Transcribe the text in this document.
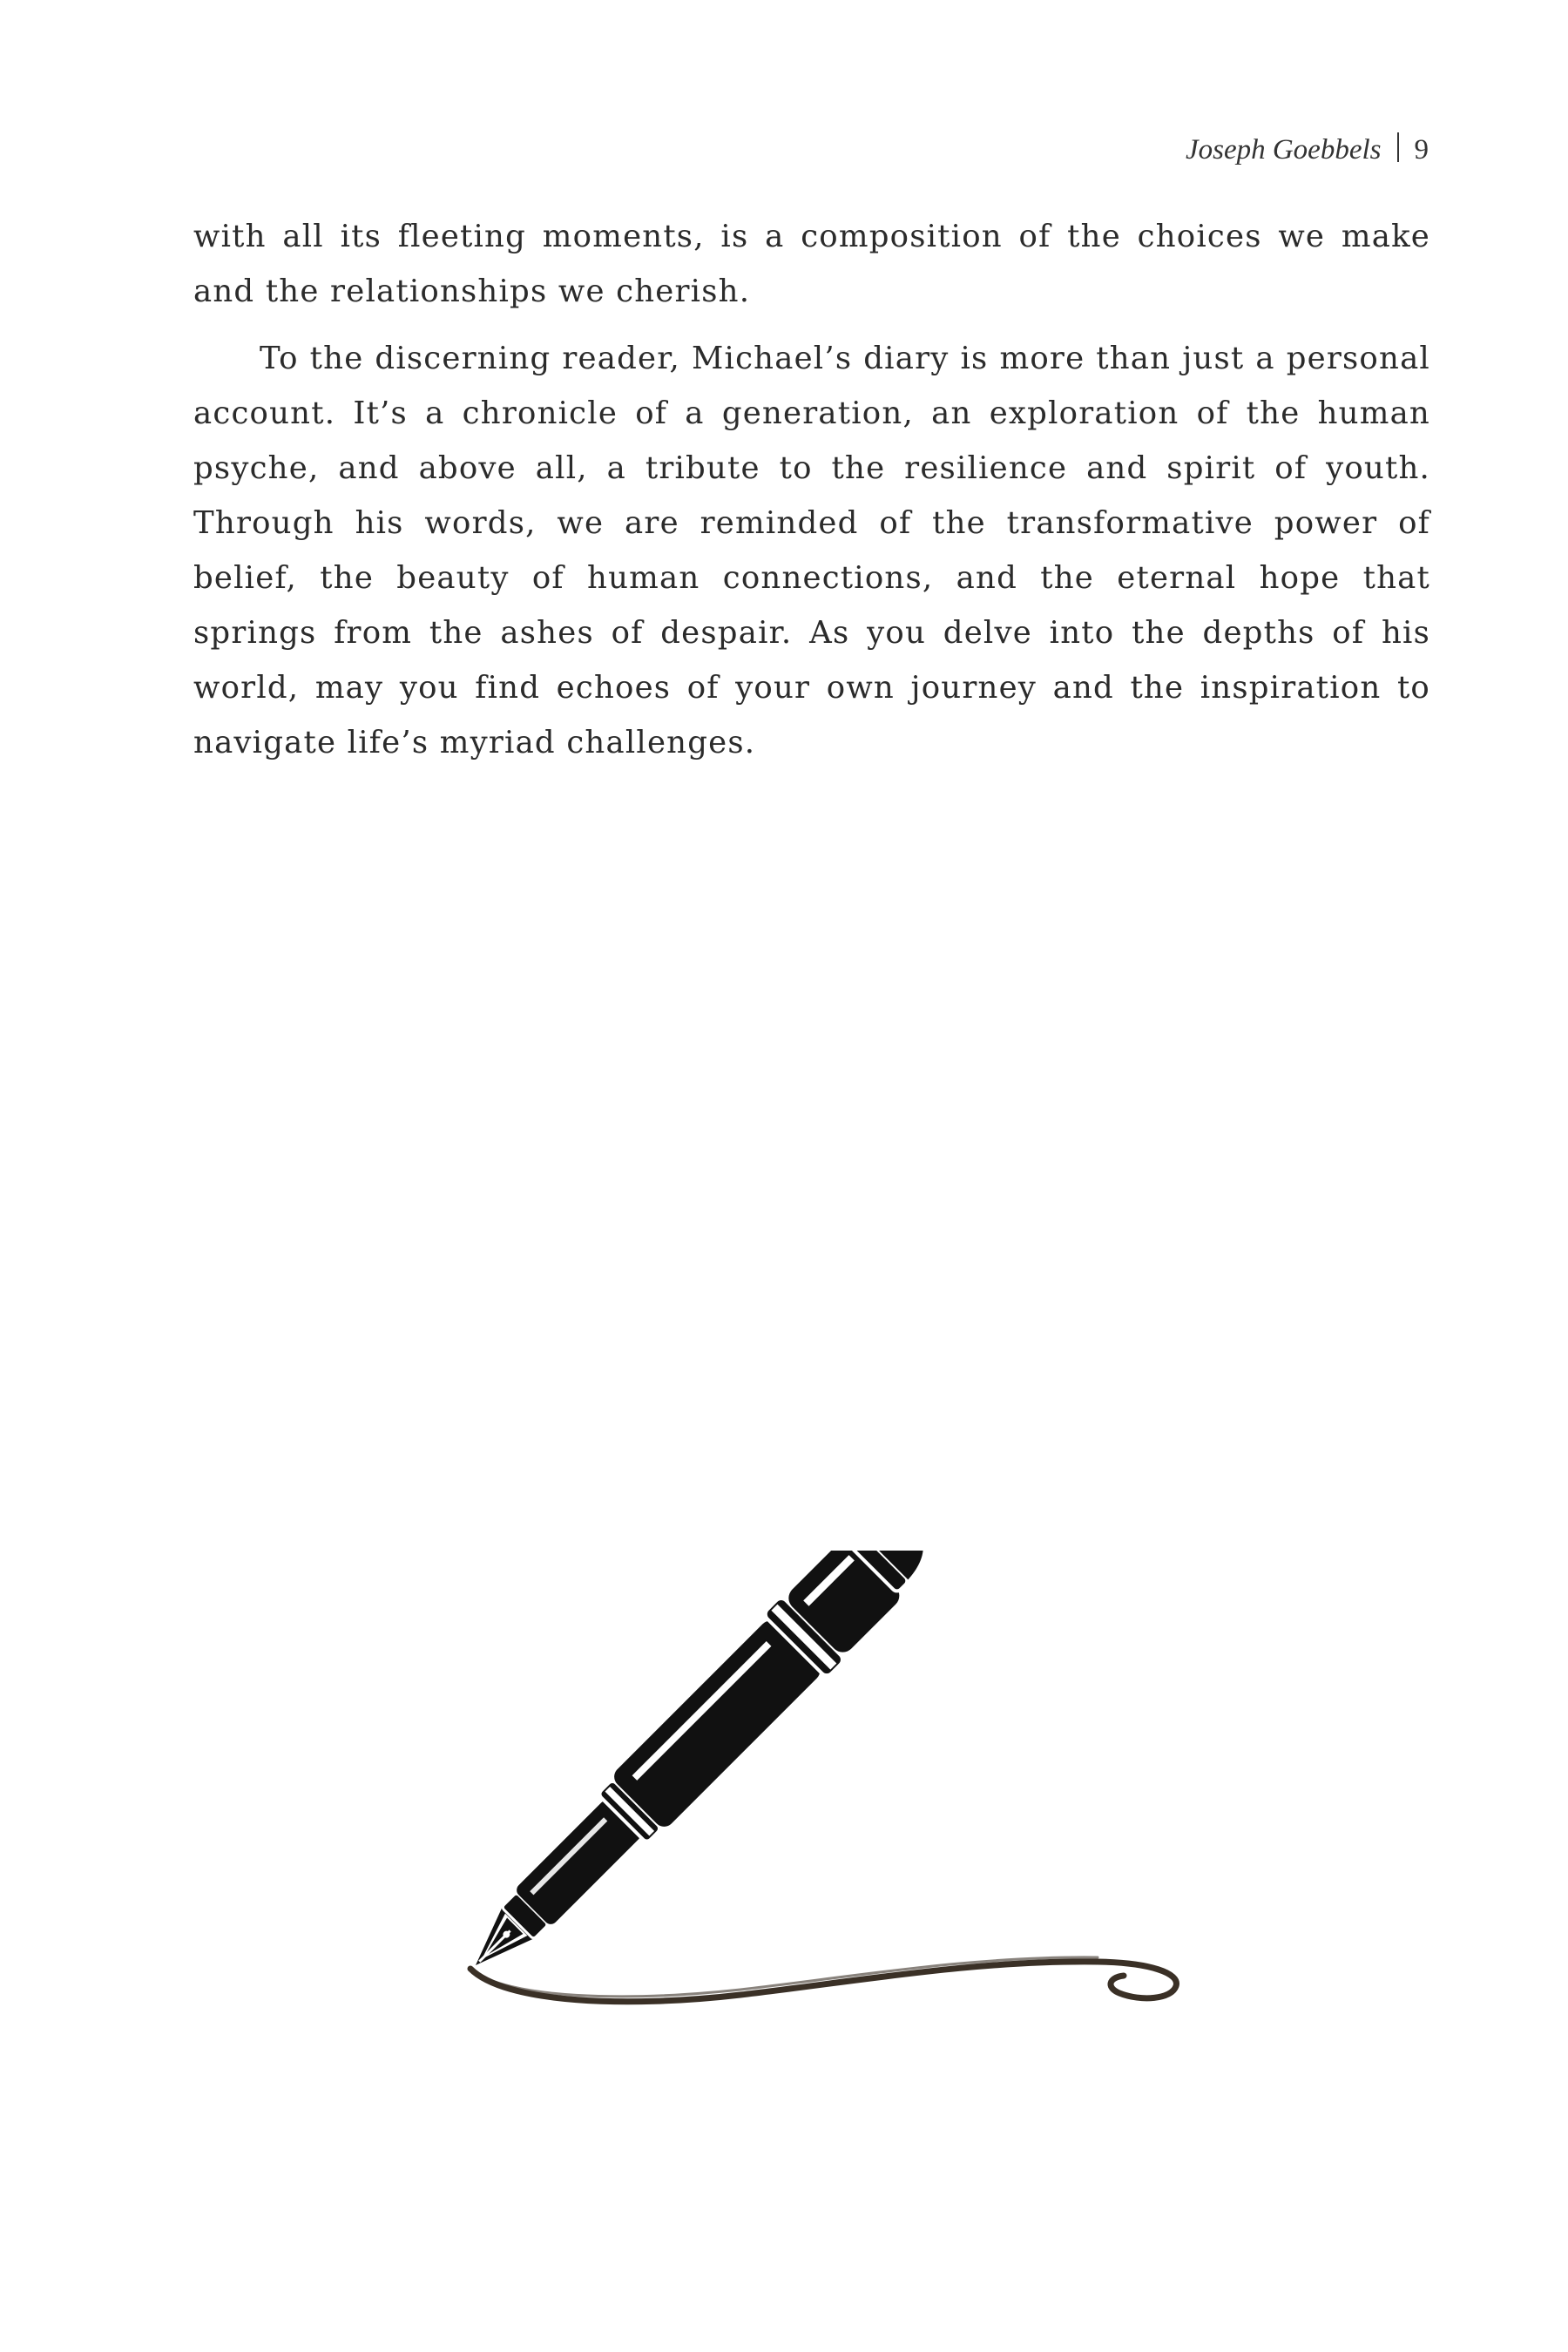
Joseph Goebbels 9

with all its fleeting moments, is a composition of the choices we make and the relationships we cherish.

To the discerning reader, Michael’s diary is more than just a personal account. It’s a chronicle of a generation, an exploration of the human psyche, and above all, a tribute to the resilience and spirit of youth. Through his words, we are reminded of the transformative power of belief, the beauty of human connections, and the eternal hope that springs from the ashes of despair. As you delve into the depths of his world, may you find echoes of your own journey and the inspiration to navigate life’s myriad challenges.
